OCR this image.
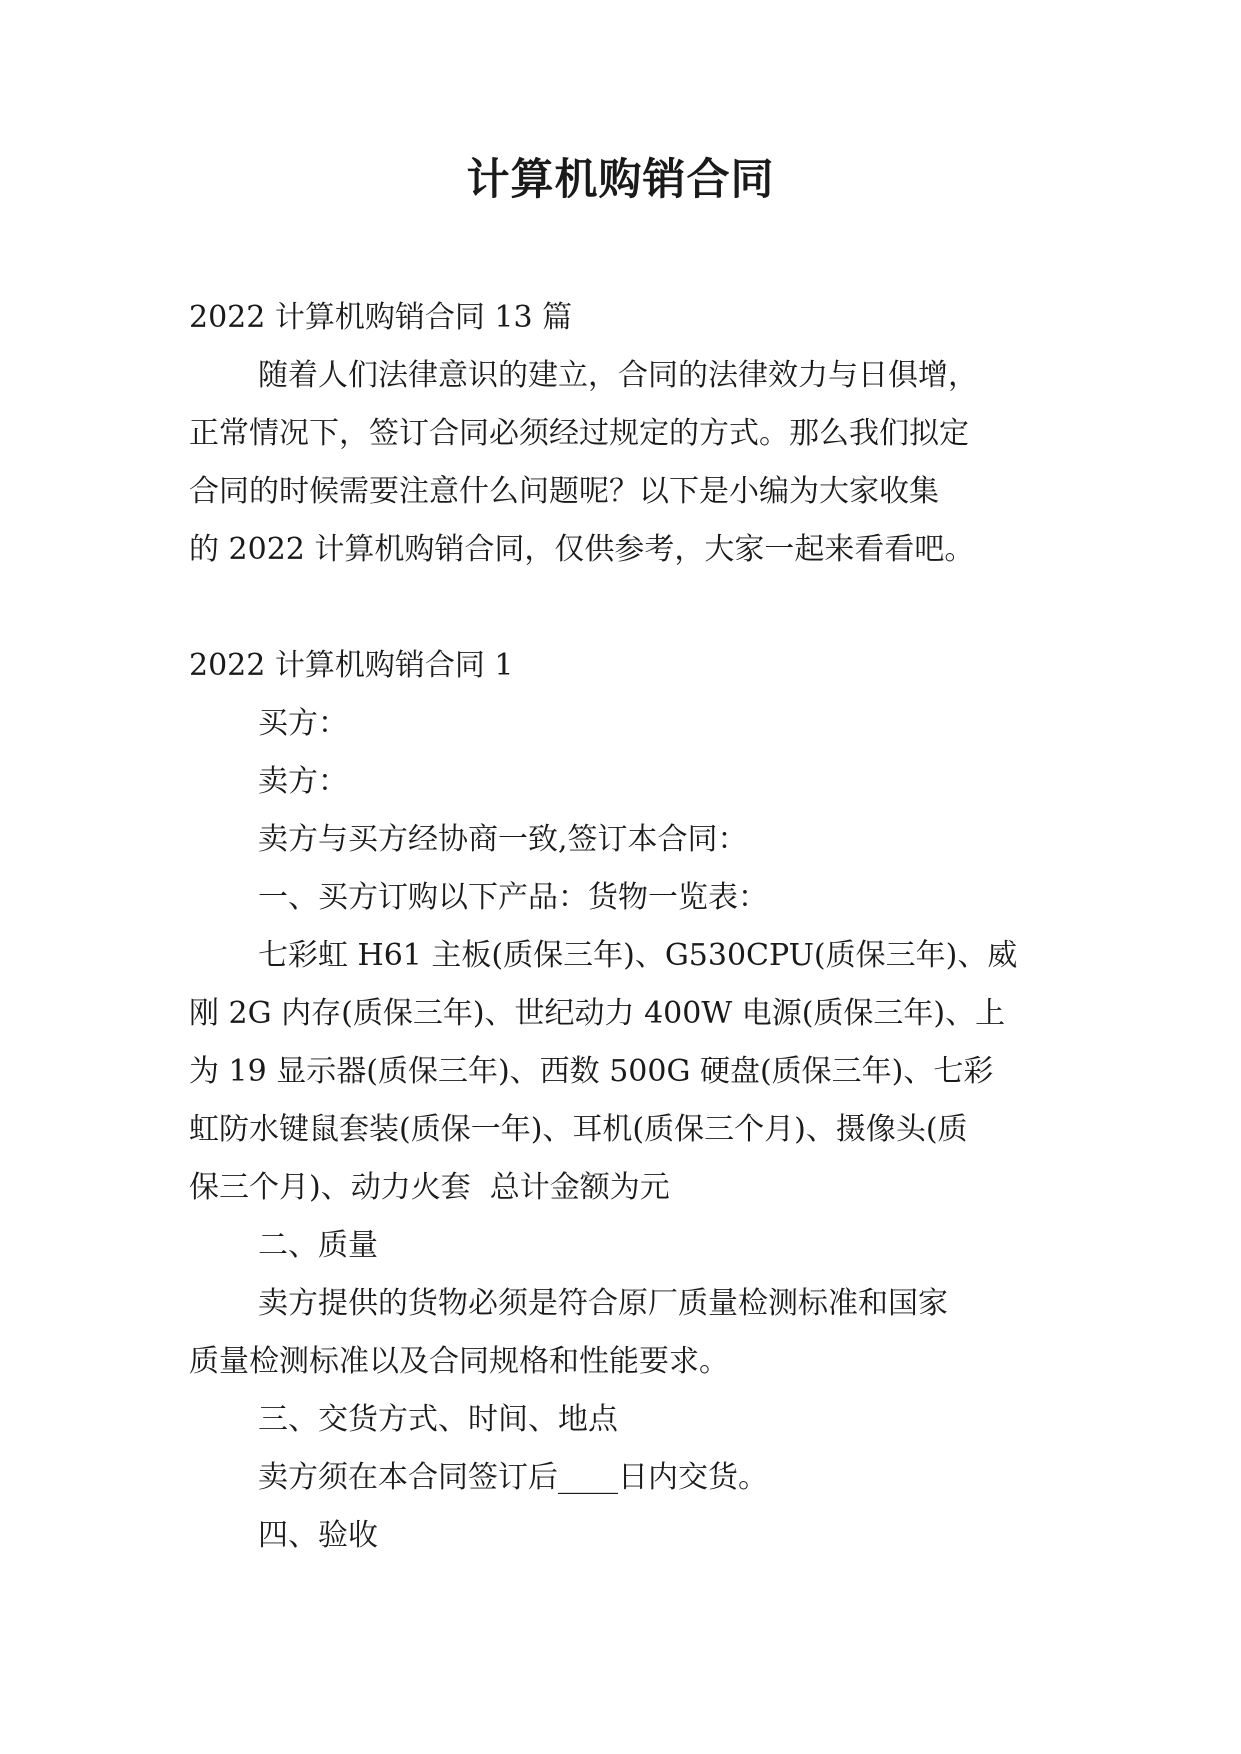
计算机购销合同

2022 计算机购销合同 13 篇

随着人们法律意识的建立，合同的法律效力与日俱增，

正常情况下，签订合同必须经过规定的方式。那么我们拟定

合同的时候需要注意什么问题呢？以下是小编为大家收集

的 2022 计算机购销合同，仅供参考，大家一起来看看吧。

2022 计算机购销合同 1

买方：

卖方：

卖方与买方经协商一致,签订本合同：

一、买方订购以下产品：货物一览表：

七彩虹 H61 主板(质保三年)、G530CPU(质保三年)、威

刚 2G 内存(质保三年)、世纪动力 400W 电源(质保三年)、上

为 19 显示器(质保三年)、西数 500G 硬盘(质保三年)、七彩

虹防水键鼠套装(质保一年)、耳机(质保三个月)、摄像头(质

保三个月)、动力火套  总计金额为元

二、质量

卖方提供的货物必须是符合原厂质量检测标准和国家

质量检测标准以及合同规格和性能要求。

三、交货方式、时间、地点

卖方须在本合同签订后____日内交货。

四、验收
